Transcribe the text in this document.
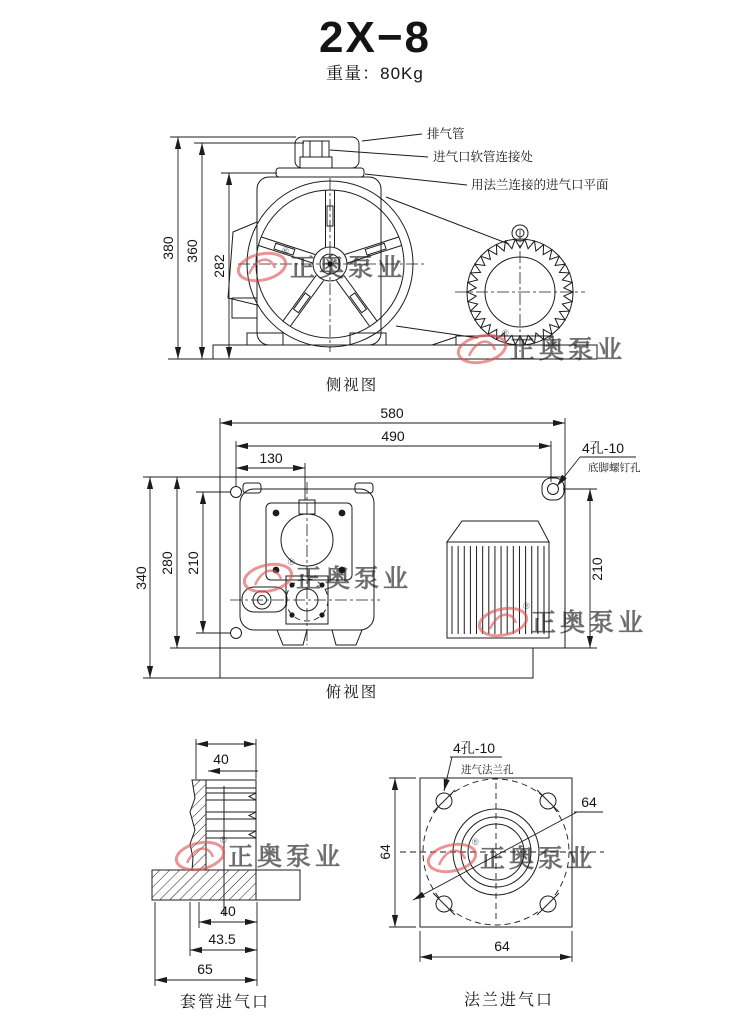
2X−8
重量：80Kg
380 360
282
排气管
进气口软管连接处
用法兰连接的进气口平面
侧视图
580
490
130
4孔-10
底脚螺钉孔
340
280 210	210
俯视图
40
40
43.5
65
套管进气口
64
64
64
4孔-10
进气法兰孔
法兰进气口
®
正奥泵业
®
正奥泵业
®
正奥泵业
®
正奥泵业
®
正奥泵业
®
正奥泵业
